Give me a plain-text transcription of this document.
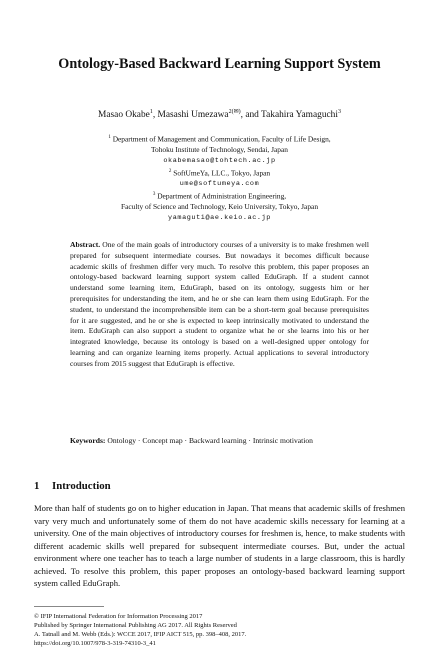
Ontology-Based Backward Learning Support System
Masao Okabe$^1$, Masashi Umezawa$^{2(✉)}$, and Takahira Yamaguchi$^3$
$^1$ Department of Management and Communication, Faculty of Life Design,
Tohoku Institute of Technology, Sendai, Japan
okabemasao@tohtech.ac.jp
$^2$ SoftUmeYa, LLC., Tokyo, Japan
ume@softumeya.com
$^3$ Department of Administration Engineering,
Faculty of Science and Technology, Keio University, Tokyo, Japan
yamaguti@ae.keio.ac.jp

Abstract. One of the main goals of introductory courses of a university is to make freshmen well prepared for subsequent intermediate courses. But nowadays it becomes difficult because academic skills of freshmen differ very much. To resolve this problem, this paper proposes an ontology-based backward learning support system called EduGraph. If a student cannot understand some learning item, EduGraph, based on its ontology, suggests him or her prerequisites for understanding the item, and he or she can learn them using EduGraph. For the student, to understand the incomprehensible item can be a short-term goal because prerequisites for it are suggested, and he or she is expected to keep intrinsically motivated to understand the item. EduGraph can also support a student to organize what he or she learns into his or her integrated knowledge, because its ontology is based on a well-designed upper ontology for learning and can organize learning items properly. Actual applications to several introductory courses from 2015 suggest that EduGraph is effective.

Keywords: Ontology · Concept map · Backward learning · Intrinsic motivation

1 Introduction

More than half of students go on to higher education in Japan. That means that academic skills of freshmen vary very much and unfortunately some of them do not have academic skills necessary for learning at a university. One of the main objectives of introductory courses for freshmen is, hence, to make students with different academic skills well prepared for subsequent intermediate courses. But, under the actual environment where one teacher has to teach a large number of students in a large classroom, this is hardly achieved. To resolve this problem, this paper proposes an ontology-based backward learning support system called EduGraph.

© IFIP International Federation for Information Processing 2017
Published by Springer International Publishing AG 2017. All Rights Reserved
A. Tatnall and M. Webb (Eds.): WCCE 2017, IFIP AICT 515, pp. 398–408, 2017.
https://doi.org/10.1007/978-3-319-74310-3_41
